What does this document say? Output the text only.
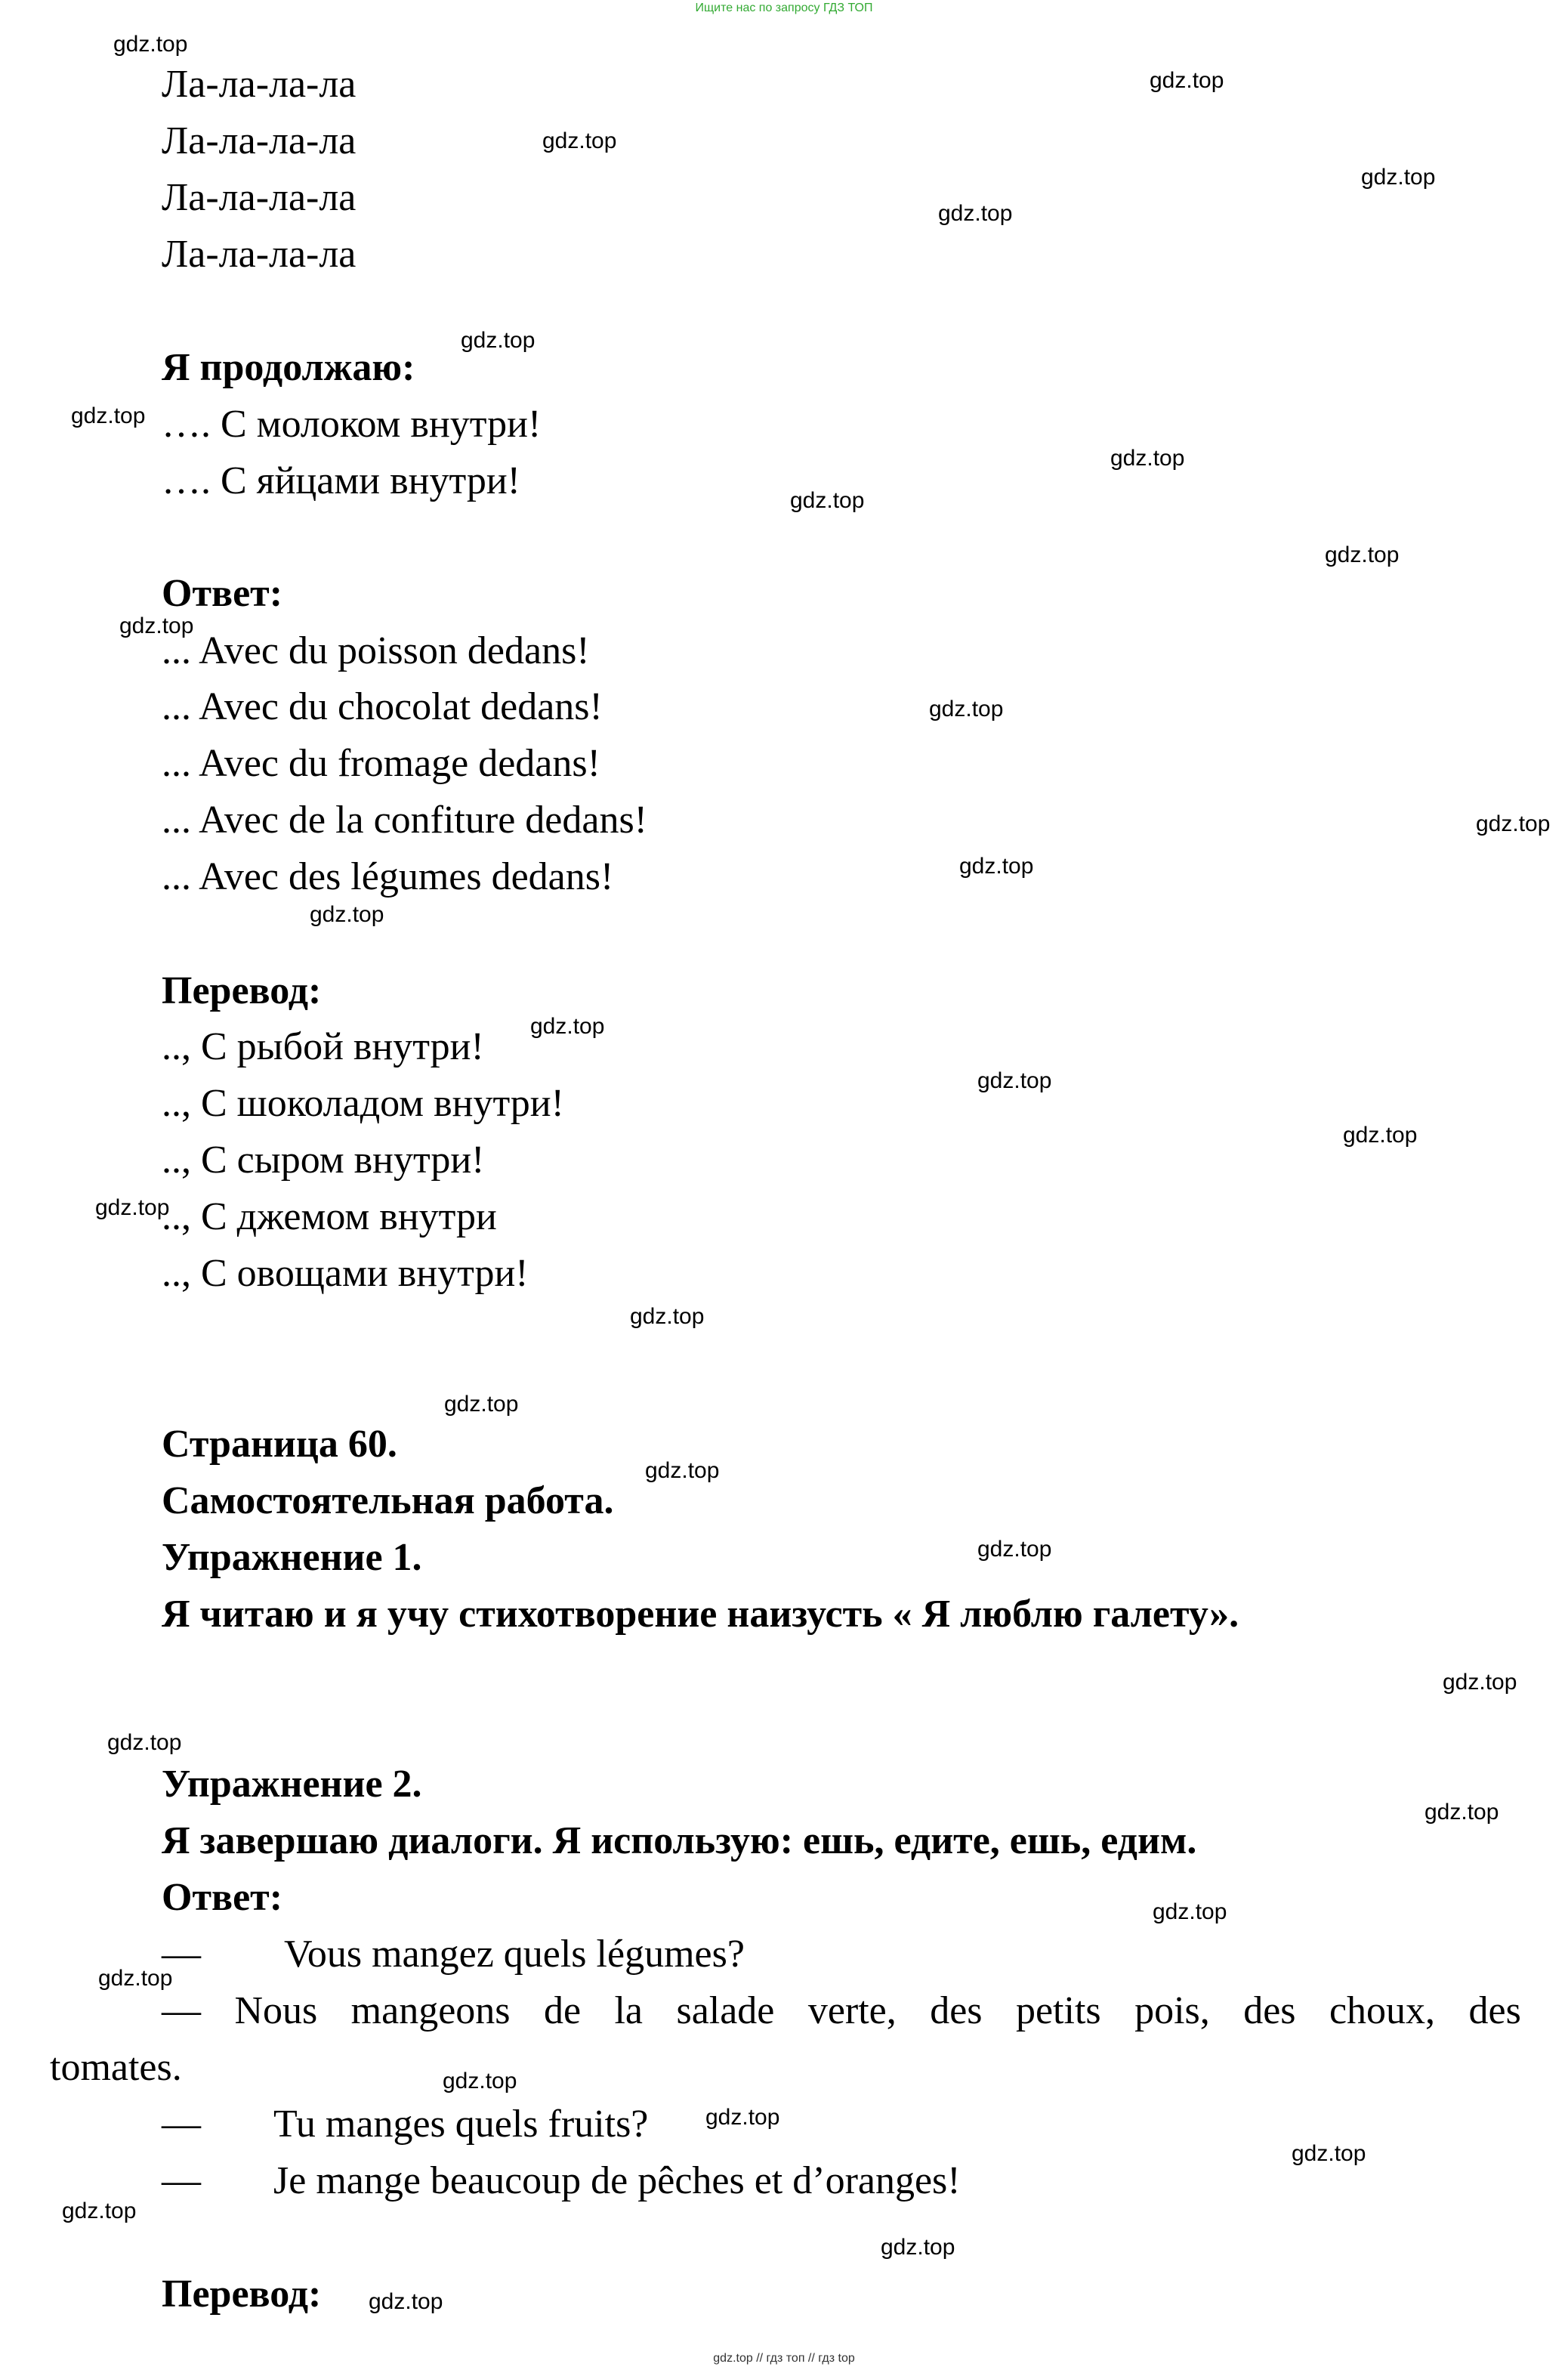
Ищите нас по запросу ГДЗ ТОП
Ла-ла-ла-ла
Ла-ла-ла-ла
Ла-ла-ла-ла
Ла-ла-ла-ла
Я продолжаю:
…. С молоком внутри!
…. С яйцами внутри!
Ответ:
... Avec du poisson dedans!
... Avec du chocolat dedans!
... Avec du fromage dedans!
... Avec de la confiture dedans!
... Avec des légumes dedans!
Перевод:
.., С рыбой внутри!
.., С шоколадом внутри!
.., С сыром внутри!
.., С джемом внутри
.., С овощами внутри!
Страница 60.
Самостоятельная работа.
Упражнение 1.
Я читаю и я учу стихотворение наизусть « Я люблю галету».
Упражнение 2.
Я завершаю диалоги. Я использую: ешь, едите, ешь, едим.
Ответ:
— Vous mangez quels légumes?
— Nous mangeons de la salade verte, des petits pois, des choux, des
tomates.
— Tu manges quels fruits?
— Je mange beaucoup de pêches et d’oranges!
Перевод:
gdz.top
gdz.top
gdz.top
gdz.top
gdz.top
gdz.top
gdz.top
gdz.top
gdz.top
gdz.top
gdz.top
gdz.top
gdz.top
gdz.top
gdz.top
gdz.top
gdz.top
gdz.top
gdz.top
gdz.top
gdz.top
gdz.top
gdz.top
gdz.top
gdz.top
gdz.top
gdz.top
gdz.top
gdz.top
gdz.top
gdz.top
gdz.top
gdz.top
gdz.top
gdz.top // гдз топ // гдз top
